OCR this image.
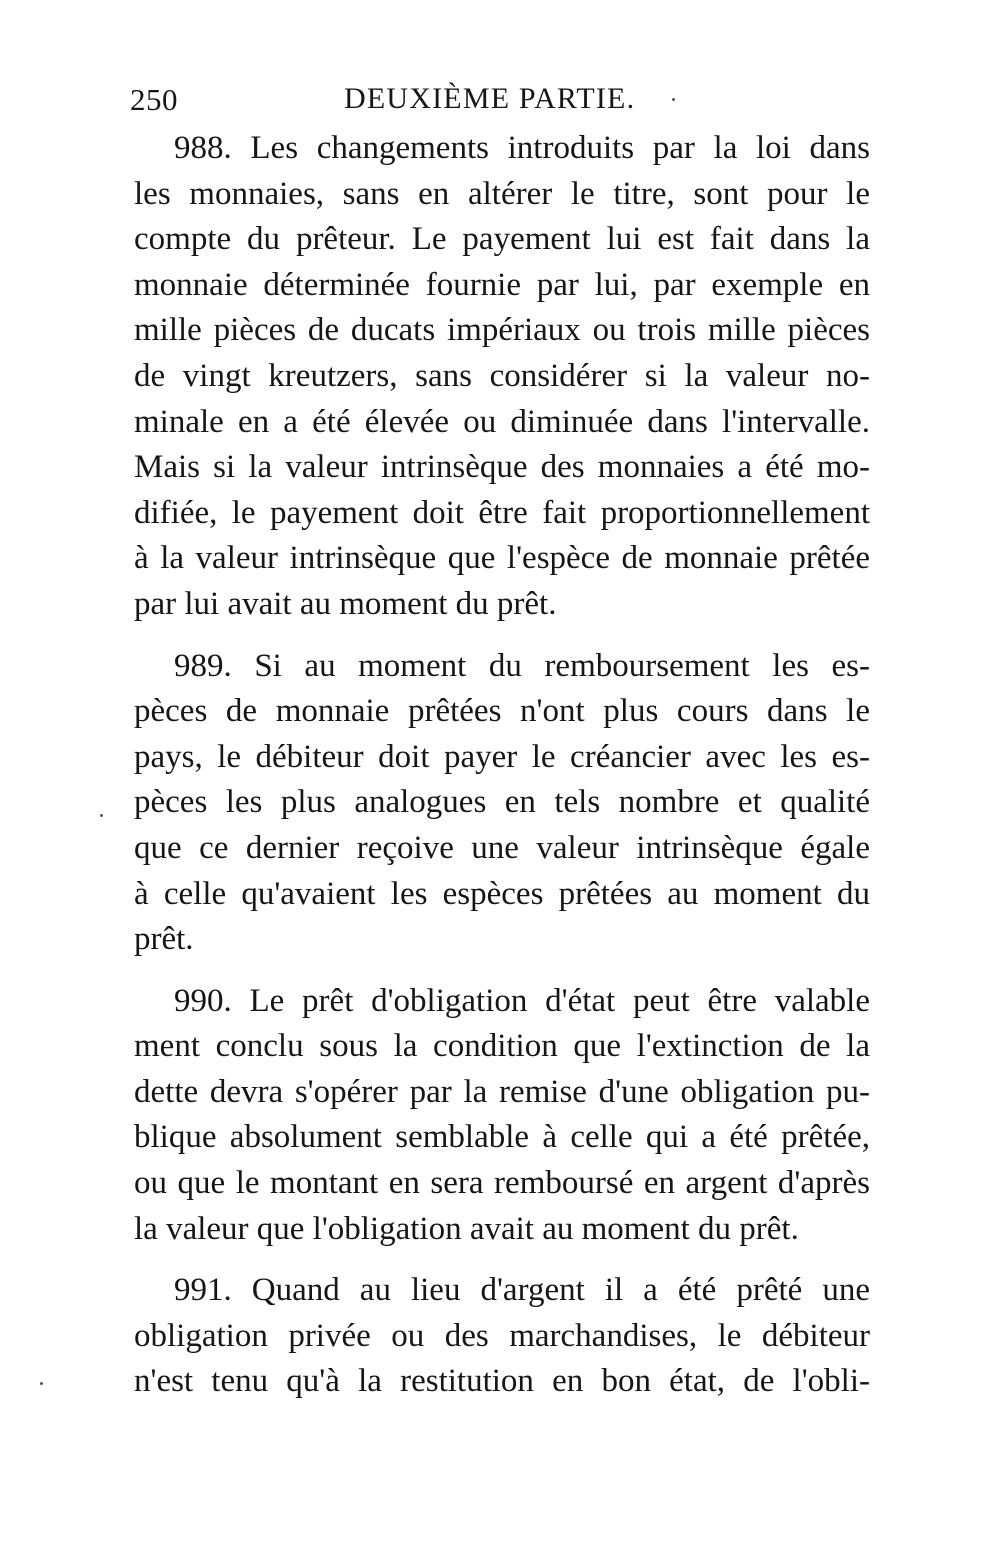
250	DEUXIÈME PARTIE.
988. Les changements introduits par la loi dans
les monnaies, sans en altérer le titre, sont pour le
compte du prêteur. Le payement lui est fait dans la
monnaie déterminée fournie par lui, par exemple en
mille pièces de ducats impériaux ou trois mille pièces
de vingt kreutzers, sans considérer si la valeur no-
minale en a été élevée ou diminuée dans l'intervalle.
Mais si la valeur intrinsèque des monnaies a été mo-
difiée, le payement doit être fait proportionnellement
à la valeur intrinsèque que l'espèce de monnaie prêtée
par lui avait au moment du prêt.
989. Si au moment du remboursement les es-
pèces de monnaie prêtées n'ont plus cours dans le
pays, le débiteur doit payer le créancier avec les es-
pèces les plus analogues en tels nombre et qualité
que ce dernier reçoive une valeur intrinsèque égale
à celle qu'avaient les espèces prêtées au moment du
prêt.
990. Le prêt d'obligation d'état peut être valable
ment conclu sous la condition que l'extinction de la
dette devra s'opérer par la remise d'une obligation pu-
blique absolument semblable à celle qui a été prêtée,
ou que le montant en sera remboursé en argent d'après
la valeur que l'obligation avait au moment du prêt.
991. Quand au lieu d'argent il a été prêté une
obligation privée ou des marchandises, le débiteur
n'est tenu qu'à la restitution en bon état, de l'obli-
